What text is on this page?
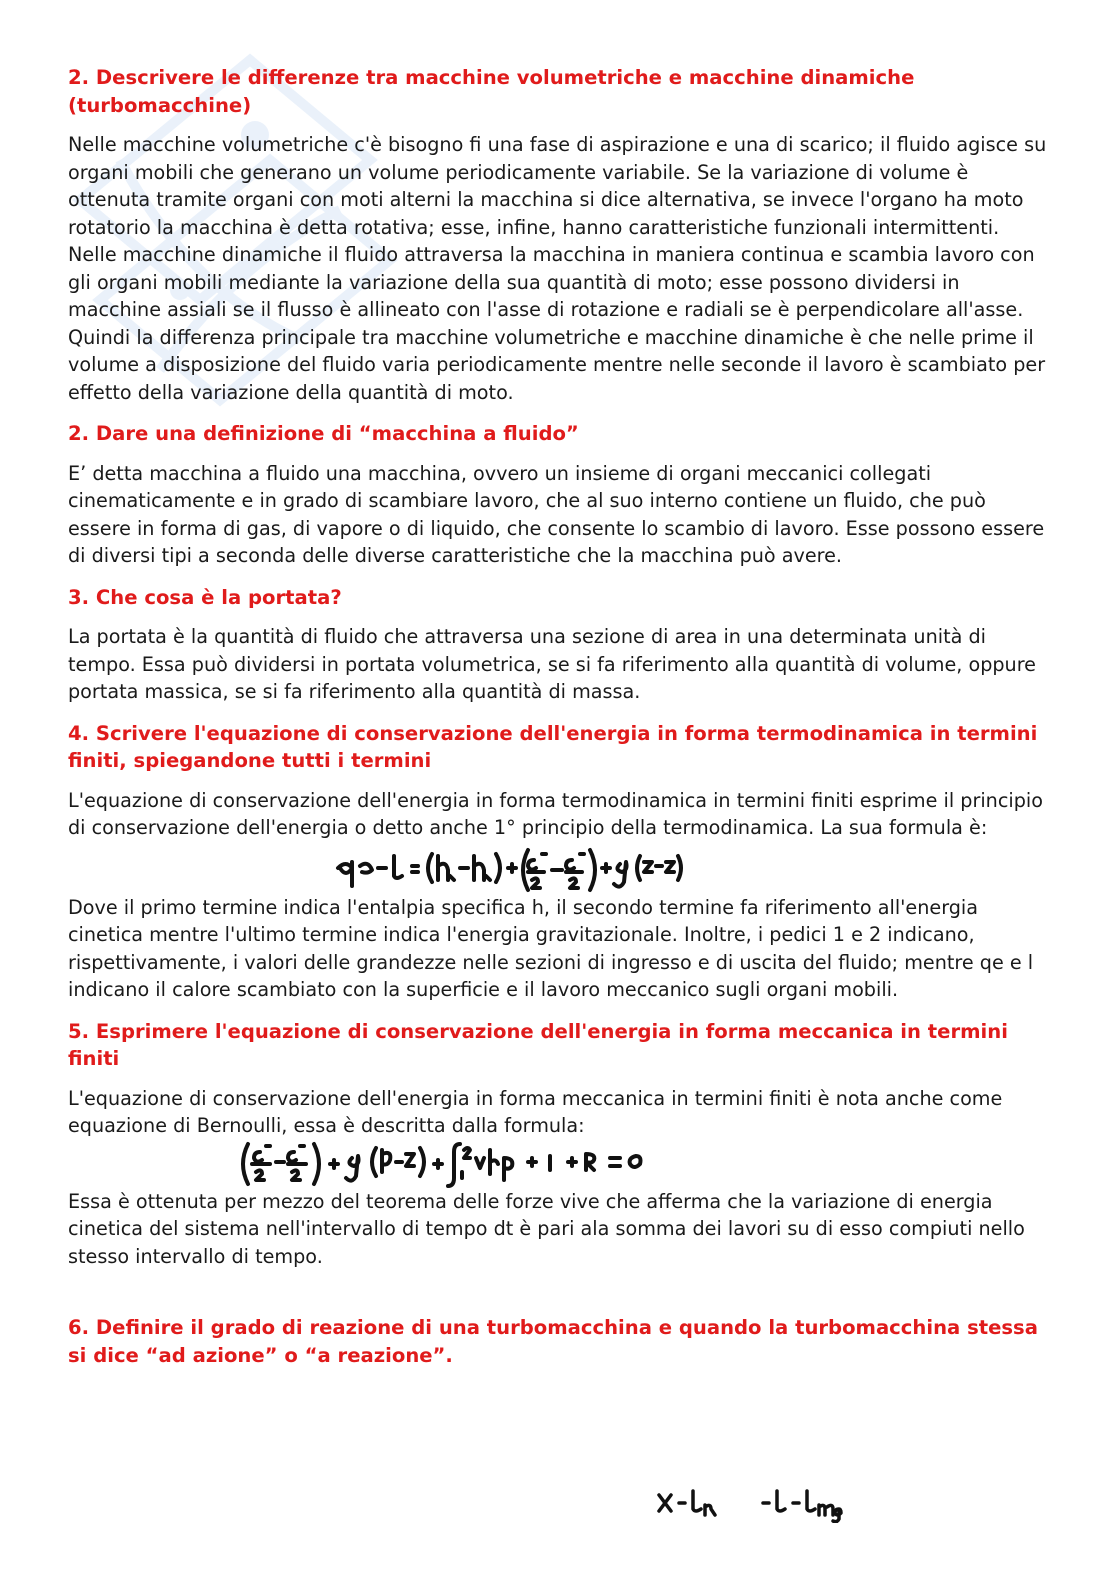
2. Descrivere le differenze tra macchine volumetriche e macchine dinamiche (turbomacchine)

Nelle macchine volumetriche c'è bisogno fi una fase di aspirazione e una di scarico; il fluido agisce su organi mobili che generano un volume periodicamente variabile. Se la variazione di volume è ottenuta tramite organi con moti alterni la macchina si dice alternativa, se invece l'organo ha moto rotatorio la macchina è detta rotativa; esse, infine, hanno caratteristiche funzionali intermittenti. Nelle macchine dinamiche il fluido attraversa la macchina in maniera continua e scambia lavoro con gli organi mobili mediante la variazione della sua quantità di moto; esse possono dividersi in macchine assiali se il flusso è allineato con l'asse di rotazione e radiali se è perpendicolare all'asse.

Quindi la differenza principale tra macchine volumetriche e macchine dinamiche è che nelle prime il volume a disposizione del fluido varia periodicamente mentre nelle seconde il lavoro è scambiato per effetto della variazione della quantità di moto.

2. Dare una definizione di “macchina a fluido”

E’ detta macchina a fluido una macchina, ovvero un insieme di organi meccanici collegati cinematicamente e in grado di scambiare lavoro, che al suo interno contiene un fluido, che può essere in forma di gas, di vapore o di liquido, che consente lo scambio di lavoro. Esse possono essere di diversi tipi a seconda delle diverse caratteristiche che la macchina può avere.

3. Che cosa è la portata?

La portata è la quantità di fluido che attraversa una sezione di area in una determinata unità di tempo. Essa può dividersi in portata volumetrica, se si fa riferimento alla quantità di volume, oppure portata massica, se si fa riferimento alla quantità di massa.

4. Scrivere l'equazione di conservazione dell'energia in forma termodinamica in termini finiti, spiegandone tutti i termini

L'equazione di conservazione dell'energia in forma termodinamica in termini finiti esprime il principio di conservazione dell'energia o detto anche 1° principio della termodinamica. La sua formula è:

Dove il primo termine indica l'entalpia specifica h, il secondo termine fa riferimento all'energia cinetica mentre l'ultimo termine indica l'energia gravitazionale. Inoltre, i pedici 1 e 2 indicano, rispettivamente, i valori delle grandezze nelle sezioni di ingresso e di uscita del fluido; mentre qe e l indicano il calore scambiato con la superficie e il lavoro meccanico sugli organi mobili.

5. Esprimere l'equazione di conservazione dell'energia in forma meccanica in termini finiti

L'equazione di conservazione dell'energia in forma meccanica in termini finiti è nota anche come equazione di Bernoulli, essa è descritta dalla formula:

Essa è ottenuta per mezzo del teorema delle forze vive che afferma che la variazione di energia cinetica del sistema nell'intervallo di tempo dt è pari ala somma dei lavori su di esso compiuti nello stesso intervallo di tempo.

6. Definire il grado di reazione di una turbomacchina e quando la turbomacchina stessa si dice “ad azione” o “a reazione”.
